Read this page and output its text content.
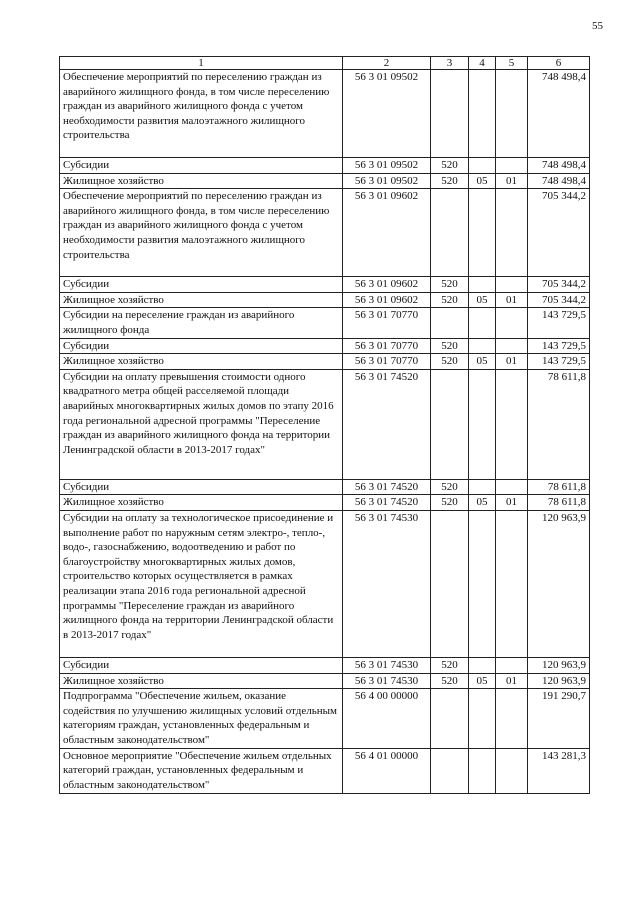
55
1	2	3	4	5	6
Обеспечение мероприятий по переселению граждан из аварийного жилищного фонда, в том числе переселению граждан из аварийного жилищного фонда с учетом необходимости развития малоэтажного жилищного строительства	56 3 01 09502				748 498,4
Субсидии	56 3 01 09502	520			748 498,4
Жилищное хозяйство	56 3 01 09502	520	05	01	748 498,4
Обеспечение мероприятий по переселению граждан из аварийного жилищного фонда, в том числе переселению граждан из аварийного жилищного фонда с учетом необходимости развития малоэтажного жилищного строительства	56 3 01 09602				705 344,2
Субсидии	56 3 01 09602	520			705 344,2
Жилищное хозяйство	56 3 01 09602	520	05	01	705 344,2
Субсидии на переселение граждан из аварийного жилищного фонда	56 3 01 70770				143 729,5
Субсидии	56 3 01 70770	520			143 729,5
Жилищное хозяйство	56 3 01 70770	520	05	01	143 729,5
Субсидии на оплату превышения стоимости одного квадратного метра общей расселяемой площади аварийных многоквартирных жилых домов по этапу 2016 года региональной адресной программы "Переселение граждан из аварийного жилищного фонда на территории Ленинградской области в 2013-2017 годах"	56 3 01 74520				78 611,8
Субсидии	56 3 01 74520	520			78 611,8
Жилищное хозяйство	56 3 01 74520	520	05	01	78 611,8
Субсидии на оплату за технологическое присоединение и выполнение работ по наружным сетям электро-, тепло-, водо-, газоснабжению, водоотведению и работ по благоустройству многоквартирных жилых домов, строительство которых осуществляется в рамках реализации этапа 2016 года региональной адресной программы "Переселение граждан из аварийного жилищного фонда на территории Ленинградской области в 2013-2017 годах"	56 3 01 74530				120 963,9
Субсидии	56 3 01 74530	520			120 963,9
Жилищное хозяйство	56 3 01 74530	520	05	01	120 963,9
Подпрограмма "Обеспечение жильем, оказание содействия по улучшению жилищных условий отдельным категориям граждан, установленных федеральным и областным законодательством"	56 4 00 00000				191 290,7
Основное мероприятие "Обеспечение жильем отдельных категорий граждан, установленных федеральным и областным законодательством"	56 4 01 00000				143 281,3
